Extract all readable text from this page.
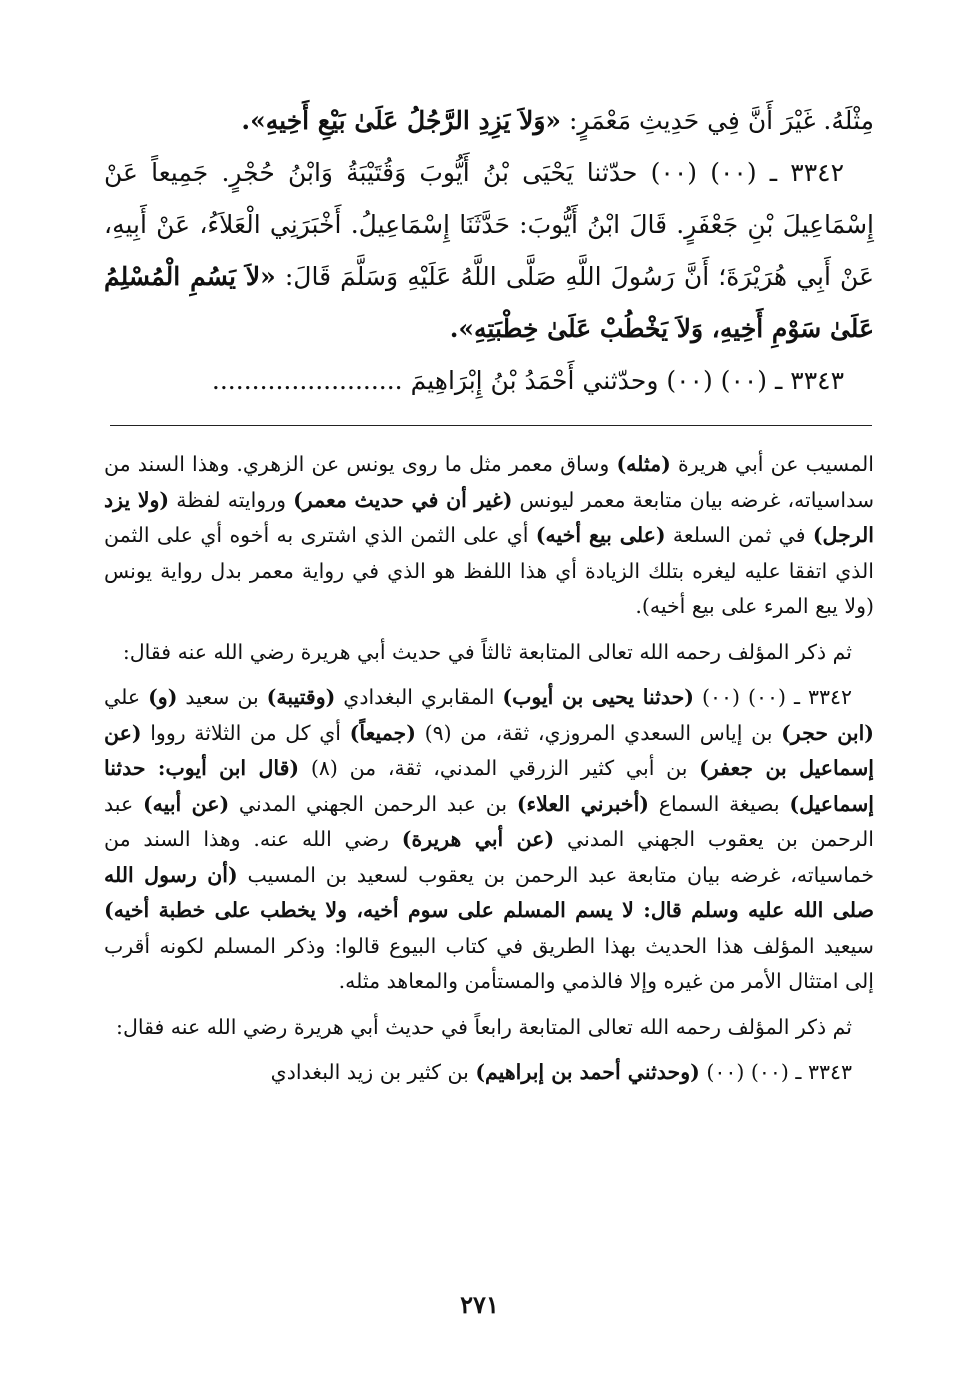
مِثْلَهُ. غَيْرَ أَنَّ فِي حَدِيثِ مَعْمَرٍ: «وَلاَ يَزِدِ الرَّجُلُ عَلَىٰ بَيْعِ أَخِيهِ».

٣٣٤٢ ـ (٠٠) (٠٠) حدّثنا يَحْيَى بْنُ أَيُّوبَ وَقُتَيْبَةُ وَابْنُ حُجْرٍ. جَمِيعاً عَنْ إِسْمَاعِيلَ بْنِ جَعْفَرٍ. قَالَ ابْنُ أَيُّوبَ: حَدَّثَنَا إِسْمَاعِيلُ. أَخْبَرَنِي الْعَلاَءُ، عَنْ أَبِيهِ، عَنْ أَبِي هُرَيْرَةَ؛ أَنَّ رَسُولَ اللَّهِ صَلَّى اللَّهُ عَلَيْهِ وَسَلَّمَ قَالَ: «لاَ يَسُمِ الْمُسْلِمُ عَلَىٰ سَوْمِ أَخِيهِ، وَلاَ يَخْطُبْ عَلَىٰ خِطْبَتِهِ».

٣٣٤٣ ـ (٠٠) (٠٠) وحدّثني أَحْمَدُ بْنُ إِبْرَاهِيمَ ........................

المسيب عن أبي هريرة (مثله) وساق معمر مثل ما روى يونس عن الزهري. وهذا السند من سداسياته، غرضه بيان متابعة معمر ليونس (غير أن في حديث معمر) وروايته لفظة (ولا يزد الرجل) في ثمن السلعة (على بيع أخيه) أي على الثمن الذي اشترى به أخوه أي على الثمن الذي اتفقا عليه ليغره بتلك الزيادة أي هذا اللفظ هو الذي في رواية معمر بدل رواية يونس (ولا يبع المرء على بيع أخيه).

ثم ذكر المؤلف رحمه الله تعالى المتابعة ثالثاً في حديث أبي هريرة رضي الله عنه فقال:

٣٣٤٢ ـ (٠٠) (٠٠) (حدثنا يحيى بن أيوب) المقابري البغدادي (وقتيبة) بن سعيد (و) علي (ابن حجر) بن إياس السعدي المروزي، ثقة، من (٩) (جميعاً) أي كل من الثلاثة رووا (عن إسماعيل بن جعفر) بن أبي كثير الزرقي المدني، ثقة، من (٨) (قال ابن أيوب: حدثنا إسماعيل) بصيغة السماع (أخبرني العلاء) بن عبد الرحمن الجهني المدني (عن أبيه) عبد الرحمن بن يعقوب الجهني المدني (عن أبي هريرة) رضي الله عنه. وهذا السند من خماسياته، غرضه بيان متابعة عبد الرحمن بن يعقوب لسعيد بن المسيب (أن رسول الله صلى الله عليه وسلم قال: لا يسم المسلم على سوم أخيه، ولا يخطب على خطبة أخيه) سيعيد المؤلف هذا الحديث بهذا الطريق في كتاب البيوع قالوا: وذكر المسلم لكونه أقرب إلى امتثال الأمر من غيره وإلا فالذمي والمستأمن والمعاهد مثله.

ثم ذكر المؤلف رحمه الله تعالى المتابعة رابعاً في حديث أبي هريرة رضي الله عنه فقال:

٣٣٤٣ ـ (٠٠) (٠٠) (وحدثني أحمد بن إبراهيم) بن كثير بن زيد البغدادي

٢٧١
